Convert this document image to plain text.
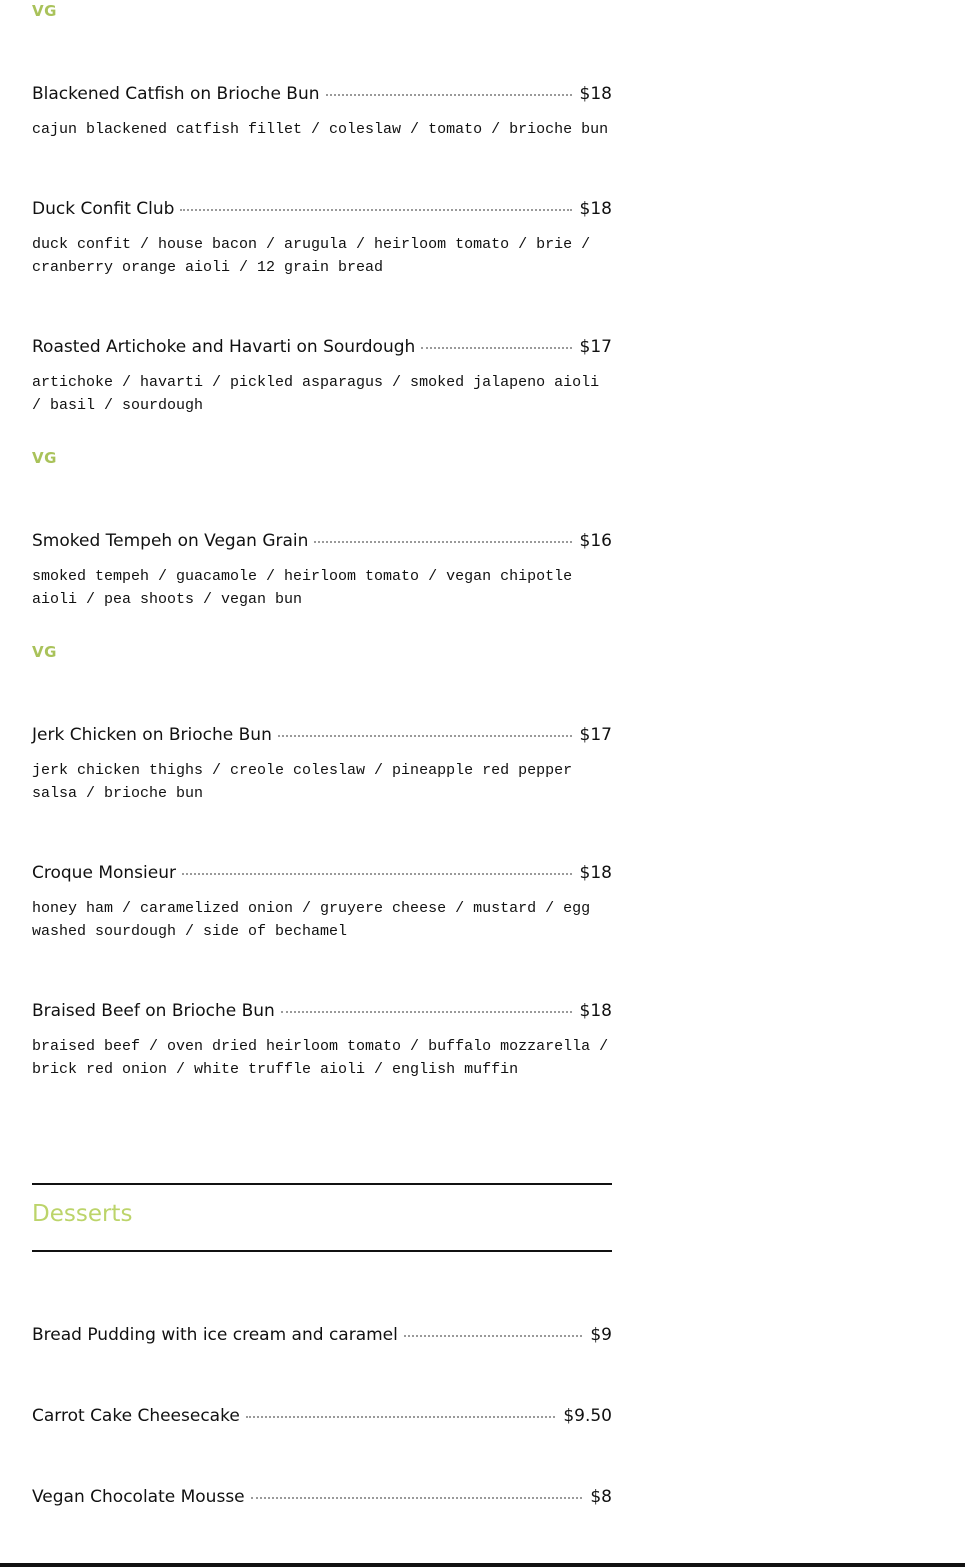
VG
Blackened Catfish on Brioche Bun	$18
cajun blackened catfish fillet / coleslaw / tomato / brioche bun
Duck Confit Club	$18
duck confit / house bacon / arugula / heirloom tomato / brie / cranberry orange aioli / 12 grain bread
Roasted Artichoke and Havarti on Sourdough	$17
artichoke / havarti / pickled asparagus / smoked jalapeno aioli / basil / sourdough
VG
Smoked Tempeh on Vegan Grain	$16
smoked tempeh / guacamole / heirloom tomato / vegan chipotle aioli / pea shoots / vegan bun
VG
Jerk Chicken on Brioche Bun	$17
jerk chicken thighs / creole coleslaw / pineapple red pepper salsa / brioche bun
Croque Monsieur	$18
honey ham / caramelized onion / gruyere cheese / mustard / egg washed sourdough / side of bechamel
Braised Beef on Brioche Bun	$18
braised beef / oven dried heirloom tomato / buffalo mozzarella / brick red onion / white truffle aioli / english muffin
Desserts
Bread Pudding with ice cream and caramel	$9
Carrot Cake Cheesecake	$9.50
Vegan Chocolate Mousse	$8
